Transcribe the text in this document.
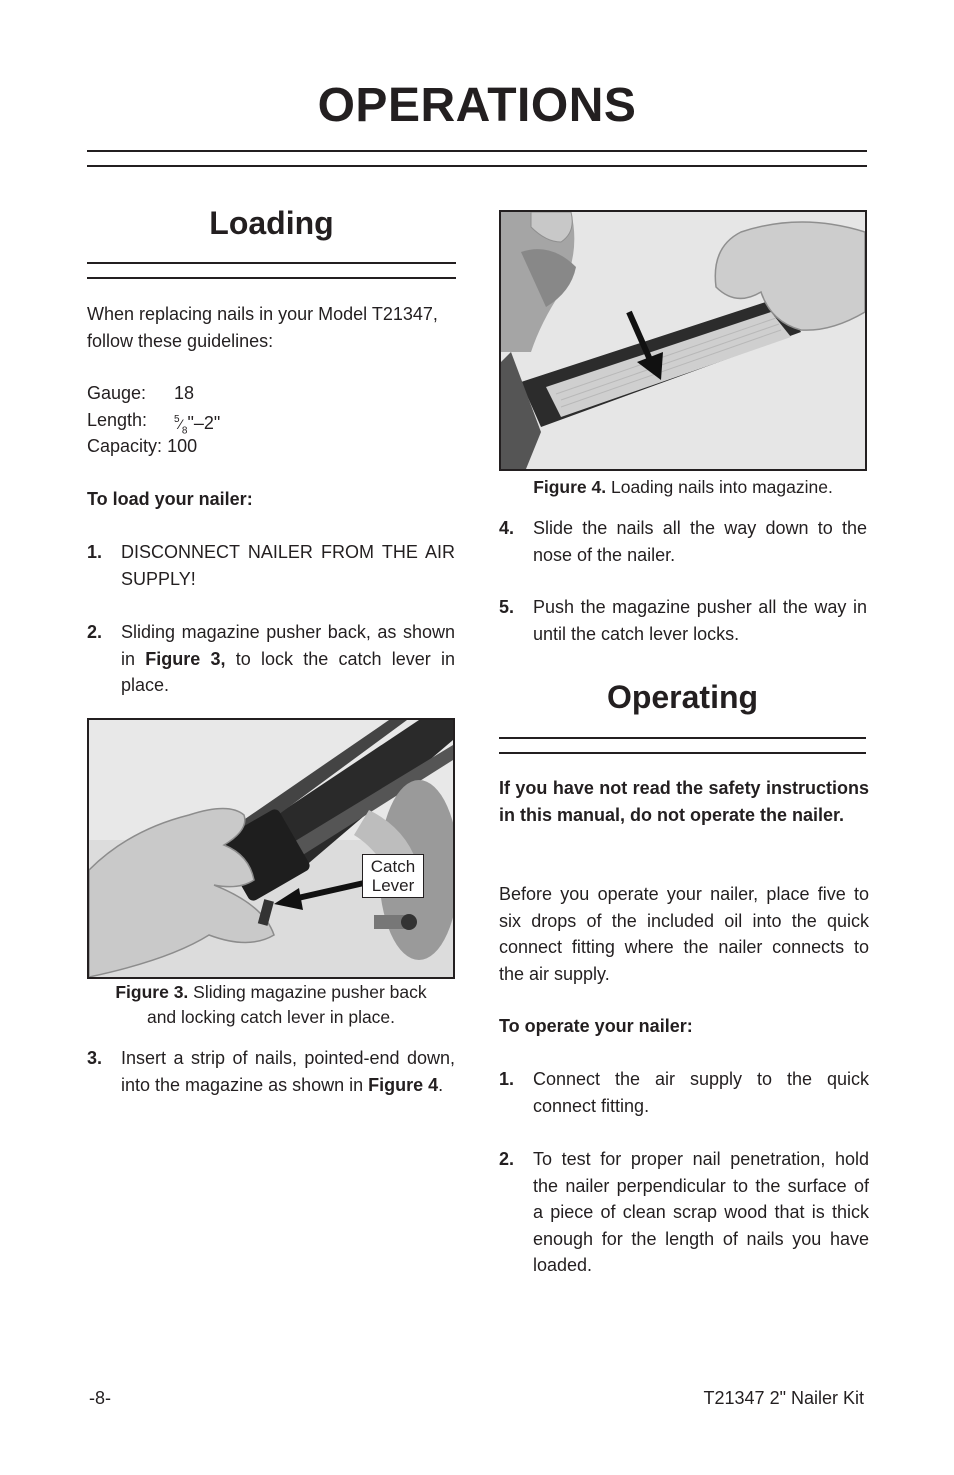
OPERATIONS
Loading
When replacing nails in your Model T21347, follow these guidelines:
Gauge: 18
Length:	$^5⁄_8"-2$"
Capacity: 100
To load your nailer:
1. DISCONNECT NAILER FROM THE AIR SUPPLY!
2. Sliding magazine pusher back, as shown in Figure 3, to lock the catch lever in place.
Catch
Lever
Figure 3. Sliding magazine pusher back
and locking catch lever in place.
3. Insert a strip of nails, pointed-end down, into the magazine as shown in Figure 4.
Figure 4. Loading nails into magazine.
4. Slide the nails all the way down to the nose of the nailer.
5. Push the magazine pusher all the way in until the catch lever locks.
Operating
If you have not read the safety instructions in this manual, do not operate the nailer.
Before you operate your nailer, place five to six drops of the included oil into the quick connect fitting where the nailer connects to the air supply.
To operate your nailer:
1. Connect the air supply to the quick connect fitting.
2. To test for proper nail penetration, hold the nailer perpendicular to the surface of a piece of clean scrap wood that is thick enough for the length of nails you have loaded.
-8-	T21347 2" Nailer Kit
